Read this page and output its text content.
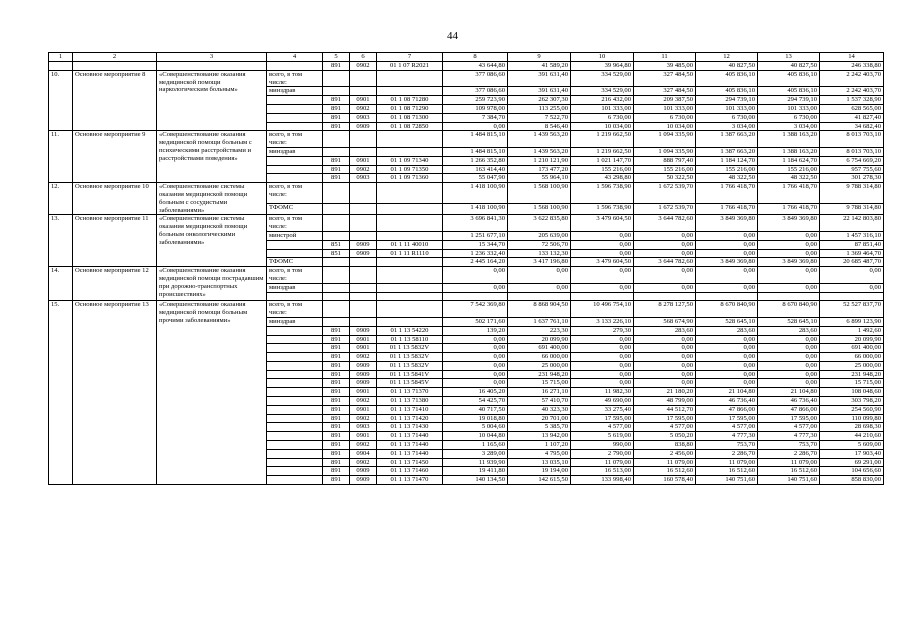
44
1	2	3	4	5	6	7	8	9	10	11	12	13	14
				891	0902	01 1 07 R2021	43 644,80	41 589,20	39 964,80	39 485,00	40 827,50	40 827,50	246 338,80
10.	Основное мероприятие 8	«Совершенствование оказания медицинской помощи наркологическим больным»	всего, в том числе:				377 086,60	391 631,40	334 529,00	327 484,50	405 836,10	405 836,10	2 242 403,70
			минздрав				377 086,60	391 631,40	334 529,00	327 484,50	405 836,10	405 836,10	2 242 403,70
				891	0901	01 1 08 71280	259 723,90	262 307,30	216 432,00	209 387,50	294 739,10	294 739,10	1 537 328,90
				891	0902	01 1 08 71290	109 978,00	113 255,00	101 333,00	101 333,00	101 333,00	101 333,00	628 565,00
				891	0903	01 1 08 71300	7 384,70	7 522,70	6 730,00	6 730,00	6 730,00	6 730,00	41 827,40
				891	0909	01 1 08 72850	0,00	8 546,40	10 034,00	10 034,00	3 034,00	3 034,00	34 682,40
11.	Основное мероприятие 9	«Совершенствование оказания медицинской помощи больным с психическими расстройствами и расстройствами поведения»	всего, в том числе:				1 484 815,10	1 439 563,20	1 219 662,50	1 094 335,90	1 387 663,20	1 388 163,20	8 013 703,10
			минздрав				1 484 815,10	1 439 563,20	1 219 662,50	1 094 335,90	1 387 663,20	1 388 163,20	8 013 703,10
				891	0901	01 1 09 71340	1 266 352,80	1 210 121,90	1 021 147,70	888 797,40	1 184 124,70	1 184 624,70	6 754 669,20
				891	0902	01 1 09 71350	163 414,40	173 477,20	155 216,00	155 216,00	155 216,00	155 216,00	957 755,60
				891	0903	01 1 09 71360	55 047,90	55 964,10	43 298,80	50 322,50	48 322,50	48 322,50	301 278,30
12.	Основное мероприятие 10	«Совершенствование системы оказания медицинской помощи больным с сосудистыми заболеваниями»	всего, в том числе:				1 418 100,90	1 568 100,90	1 596 738,90	1 672 539,70	1 766 418,70	1 766 418,70	9 788 314,80
			ТФОМС				1 418 100,90	1 568 100,90	1 596 738,90	1 672 539,70	1 766 418,70	1 766 418,70	9 788 314,80
13.	Основное мероприятие 11	«Совершенствование системы оказания медицинской помощи больным онкологическими заболеваниями»	всего, в том числе:				3 696 841,30	3 622 835,80	3 479 604,50	3 644 782,60	3 849 369,80	3 849 369,80	22 142 803,80
			минстрой				1 251 677,10	205 639,00	0,00	0,00	0,00	0,00	1 457 316,10
				851	0909	01 1 11 40010	15 344,70	72 506,70	0,00	0,00	0,00	0,00	87 851,40
				851	0909	01 1 11 R1110	1 236 332,40	133 132,30	0,00	0,00	0,00	0,00	1 369 464,70
			ТФОМС				2 445 164,20	3 417 196,80	3 479 604,50	3 644 782,60	3 849 369,80	3 849 369,80	20 685 487,70
14.	Основное мероприятие 12	«Совершенствование оказания медицинской помощи пострадавшим при дорожно-транспортных происшествиях»	всего, в том числе:				0,00	0,00	0,00	0,00	0,00	0,00	0,00
			минздрав				0,00	0,00	0,00	0,00	0,00	0,00	0,00

15.	Основное мероприятие 13	«Совершенствование оказания медицинской помощи больным прочими заболеваниями»	всего, в том числе:				7 542 369,80	8 868 904,50	10 496 754,10	8 278 127,50	8 670 840,90	8 670 840,90	52 527 837,70
			минздрав				502 171,60	1 637 761,10	3 133 226,10	568 674,90	528 645,10	528 645,10	6 899 123,90
				891	0909	01 1 13 54220	139,20	223,30	279,30	283,60	283,60	283,60	1 492,60
				891	0901	01 1 13 58110	0,00	20 099,90	0,00	0,00	0,00	0,00	20 099,90
				891	0901	01 1 13 5832V	0,00	691 400,00	0,00	0,00	0,00	0,00	691 400,00
				891	0902	01 1 13 5832V	0,00	66 000,00	0,00	0,00	0,00	0,00	66 000,00
				891	0909	01 1 13 5832V	0,00	25 000,00	0,00	0,00	0,00	0,00	25 000,00
				891	0909	01 1 13 5841V	0,00	231 948,20	0,00	0,00	0,00	0,00	231 948,20
				891	0909	01 1 13 5845V	0,00	15 715,00	0,00	0,00	0,00	0,00	15 715,00
				891	0901	01 1 13 71370	16 405,20	16 271,10	11 982,30	21 180,20	21 104,80	21 104,80	108 048,60
				891	0902	01 1 13 71380	54 425,70	57 410,70	49 690,00	48 799,00	46 736,40	46 736,40	303 798,20
				891	0901	01 1 13 71410	40 717,50	40 323,30	33 275,40	44 512,70	47 866,00	47 866,00	254 560,90
				891	0902	01 1 13 71420	19 018,80	20 701,00	17 595,00	17 595,00	17 595,00	17 595,00	110 099,80
				891	0903	01 1 13 71430	5 004,60	5 385,70	4 577,00	4 577,00	4 577,00	4 577,00	28 698,30
				891	0901	01 1 13 71440	10 044,80	13 942,00	5 619,00	5 050,20	4 777,30	4 777,30	44 210,60
				891	0902	01 1 13 71440	1 165,60	1 107,20	990,00	838,80	753,70	753,70	5 609,00
				891	0904	01 1 13 71440	3 289,00	4 795,00	2 790,00	2 456,00	2 286,70	2 286,70	17 903,40
				891	0902	01 1 13 71450	11 939,90	13 035,10	11 079,00	11 079,00	11 079,00	11 079,00	69 291,00
				891	0909	01 1 13 71460	19 411,80	19 194,00	16 513,00	16 512,60	16 512,60	16 512,60	104 656,60
				891	0909	01 1 13 71470	140 134,50	142 615,50	133 998,40	160 578,40	140 751,60	140 751,60	858 830,00
